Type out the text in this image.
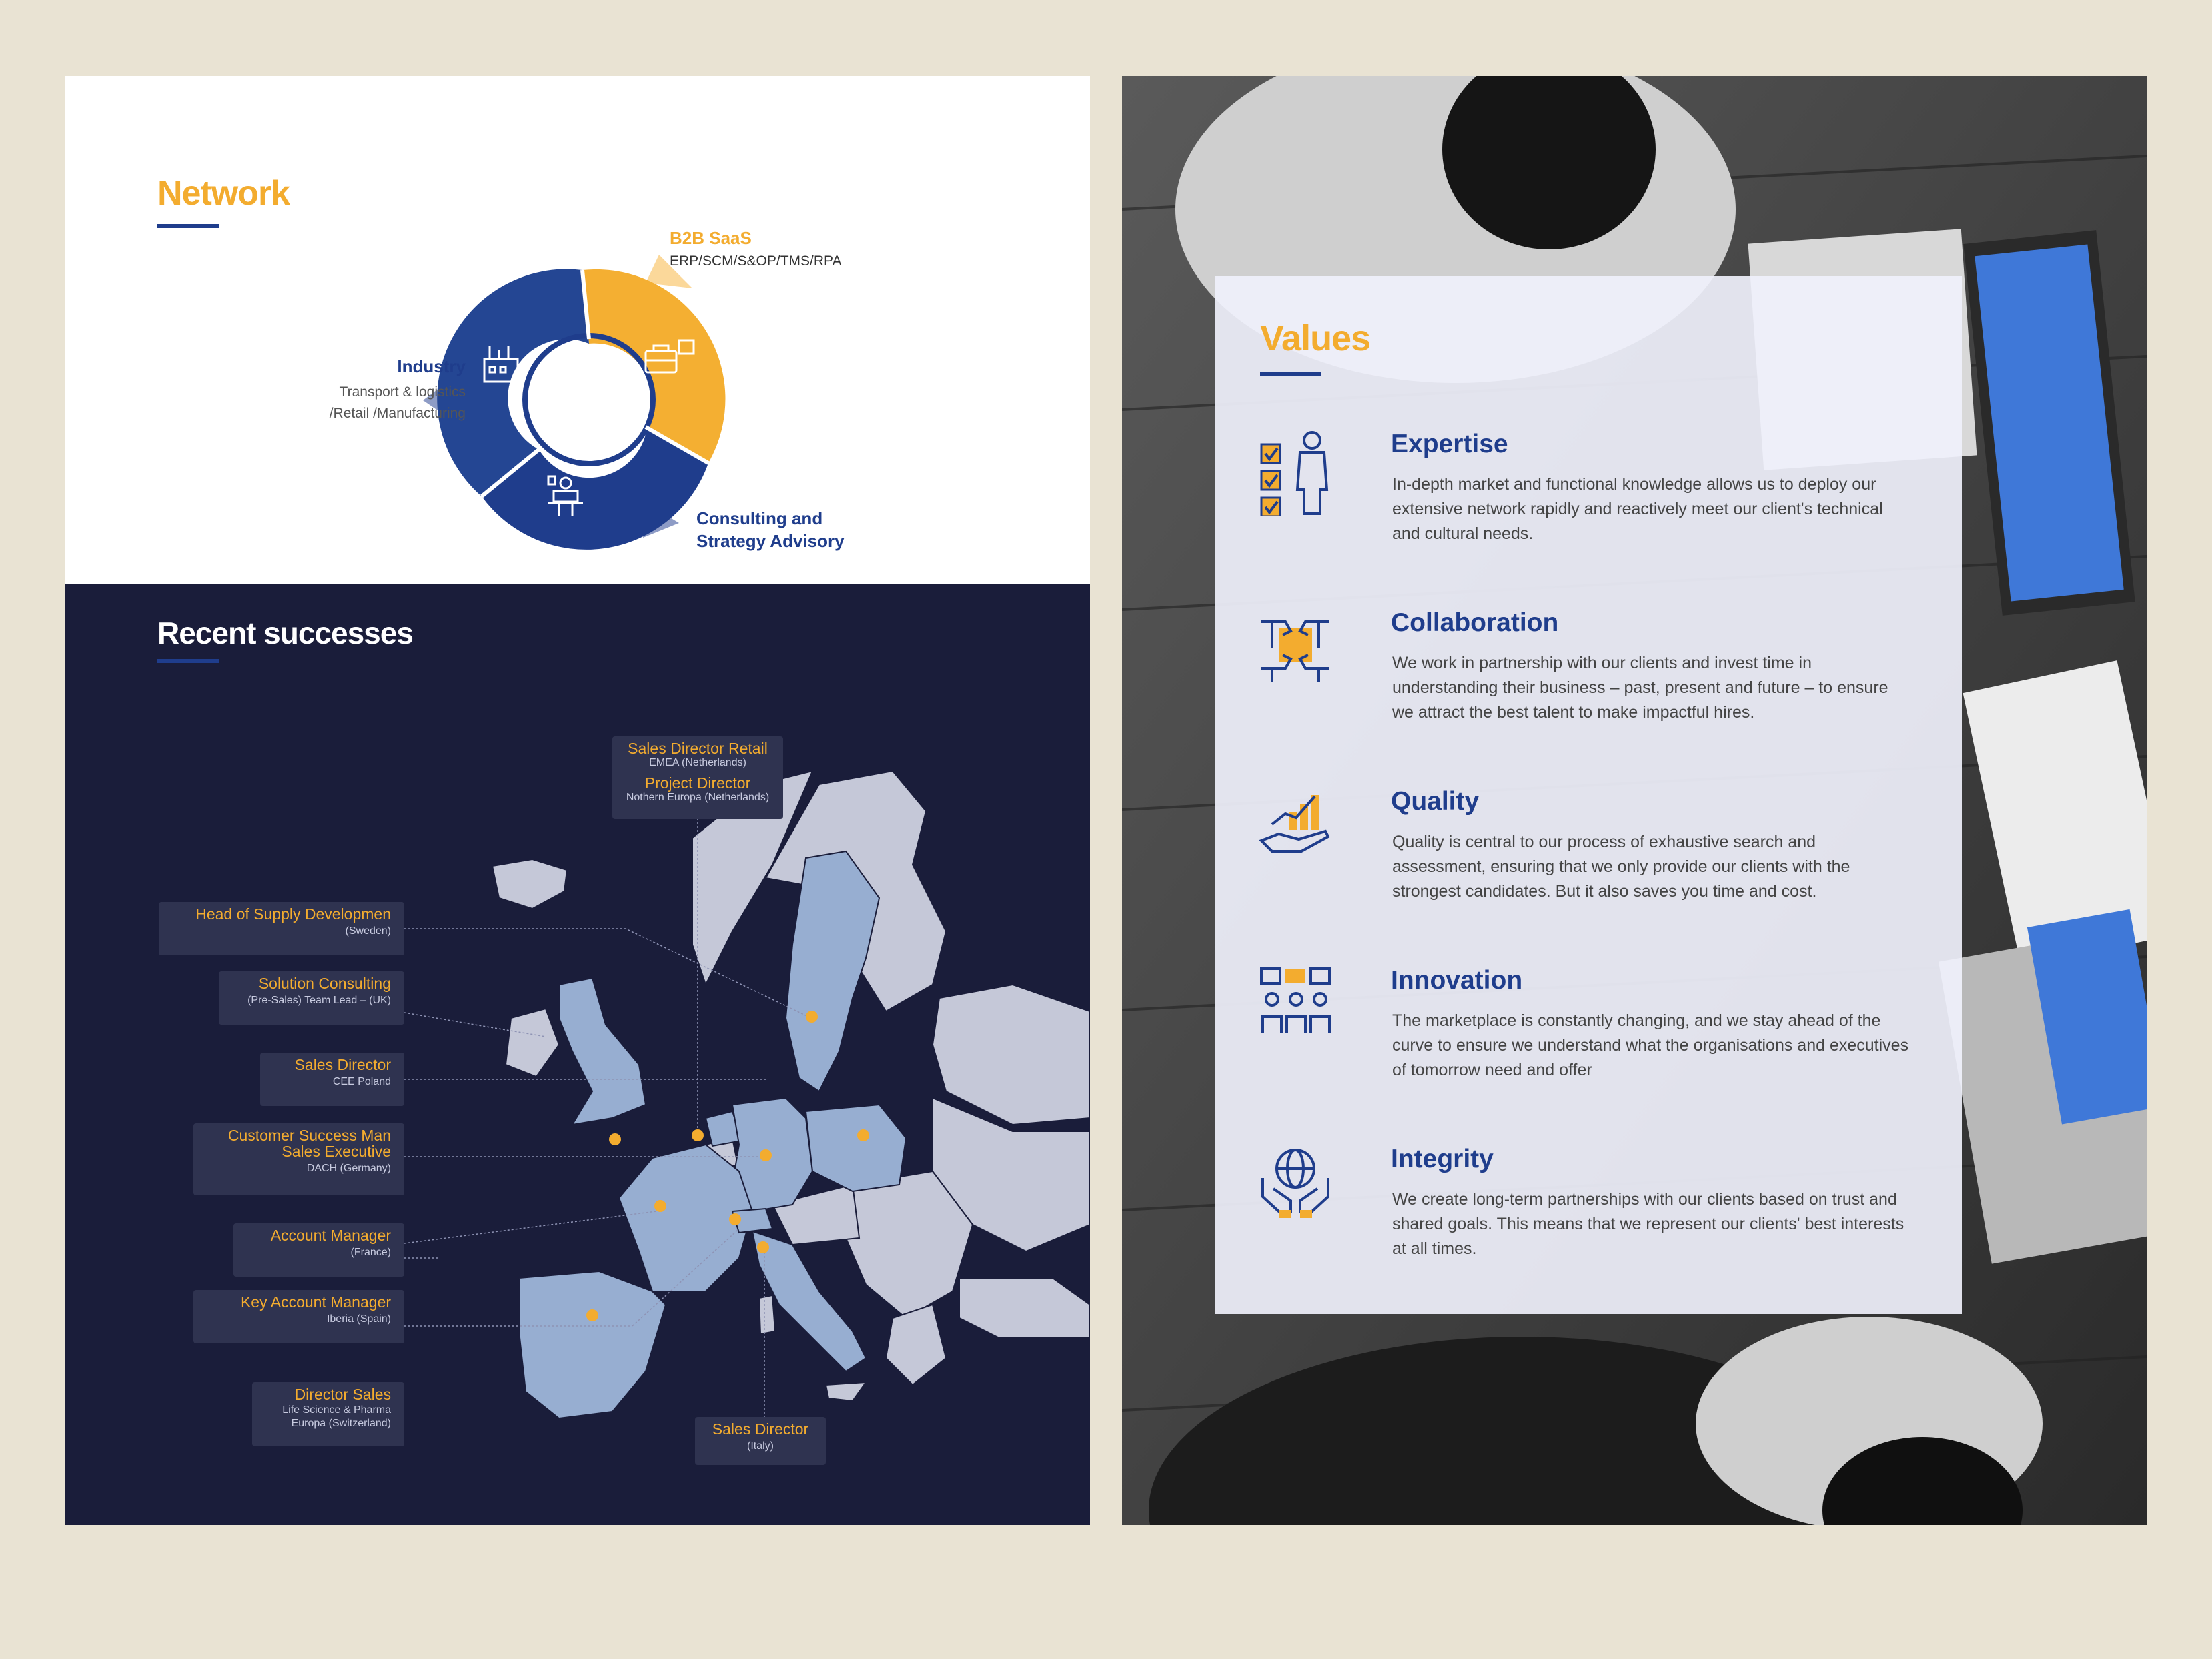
Network
B2B SaaS
ERP/SCM/S&OP/TMS/RPA
Industry
Transport & logistics
/Retail /Manufacturing
Consulting and
Strategy Advisory
Recent successes
Sales Director Retail
EMEA (Netherlands)
Project Director
Nothern Europa (Netherlands)
Head of Supply Developmen
(Sweden)
Solution Consulting
(Pre-Sales) Team Lead – (UK)
Sales Director
CEE Poland
Customer Success Man
Sales Executive
DACH (Germany)
Account Manager
(France)
Key Account Manager
Iberia (Spain)
Director Sales
Life Science & Pharma
Europa (Switzerland)	Sales Director
(Italy)
Values
Expertise

In-depth market and functional knowledge allows us to deploy our extensive network rapidly and reactively meet our client's technical and cultural needs.

Collaboration

We work in partnership with our clients and invest time in understanding their business – past, present and future – to ensure we attract the best talent to make impactful hires.

Quality

Quality is central to our process of exhaustive search and assessment, ensuring that we only provide our clients with the strongest candidates. But it also saves you time and cost.

Innovation

The marketplace is constantly changing, and we stay ahead of the curve to ensure we understand what the organisations and executives of tomorrow need and offer

Integrity

We create long-term partnerships with our clients based on trust and shared goals. This means that we represent our clients' best interests at all times.
